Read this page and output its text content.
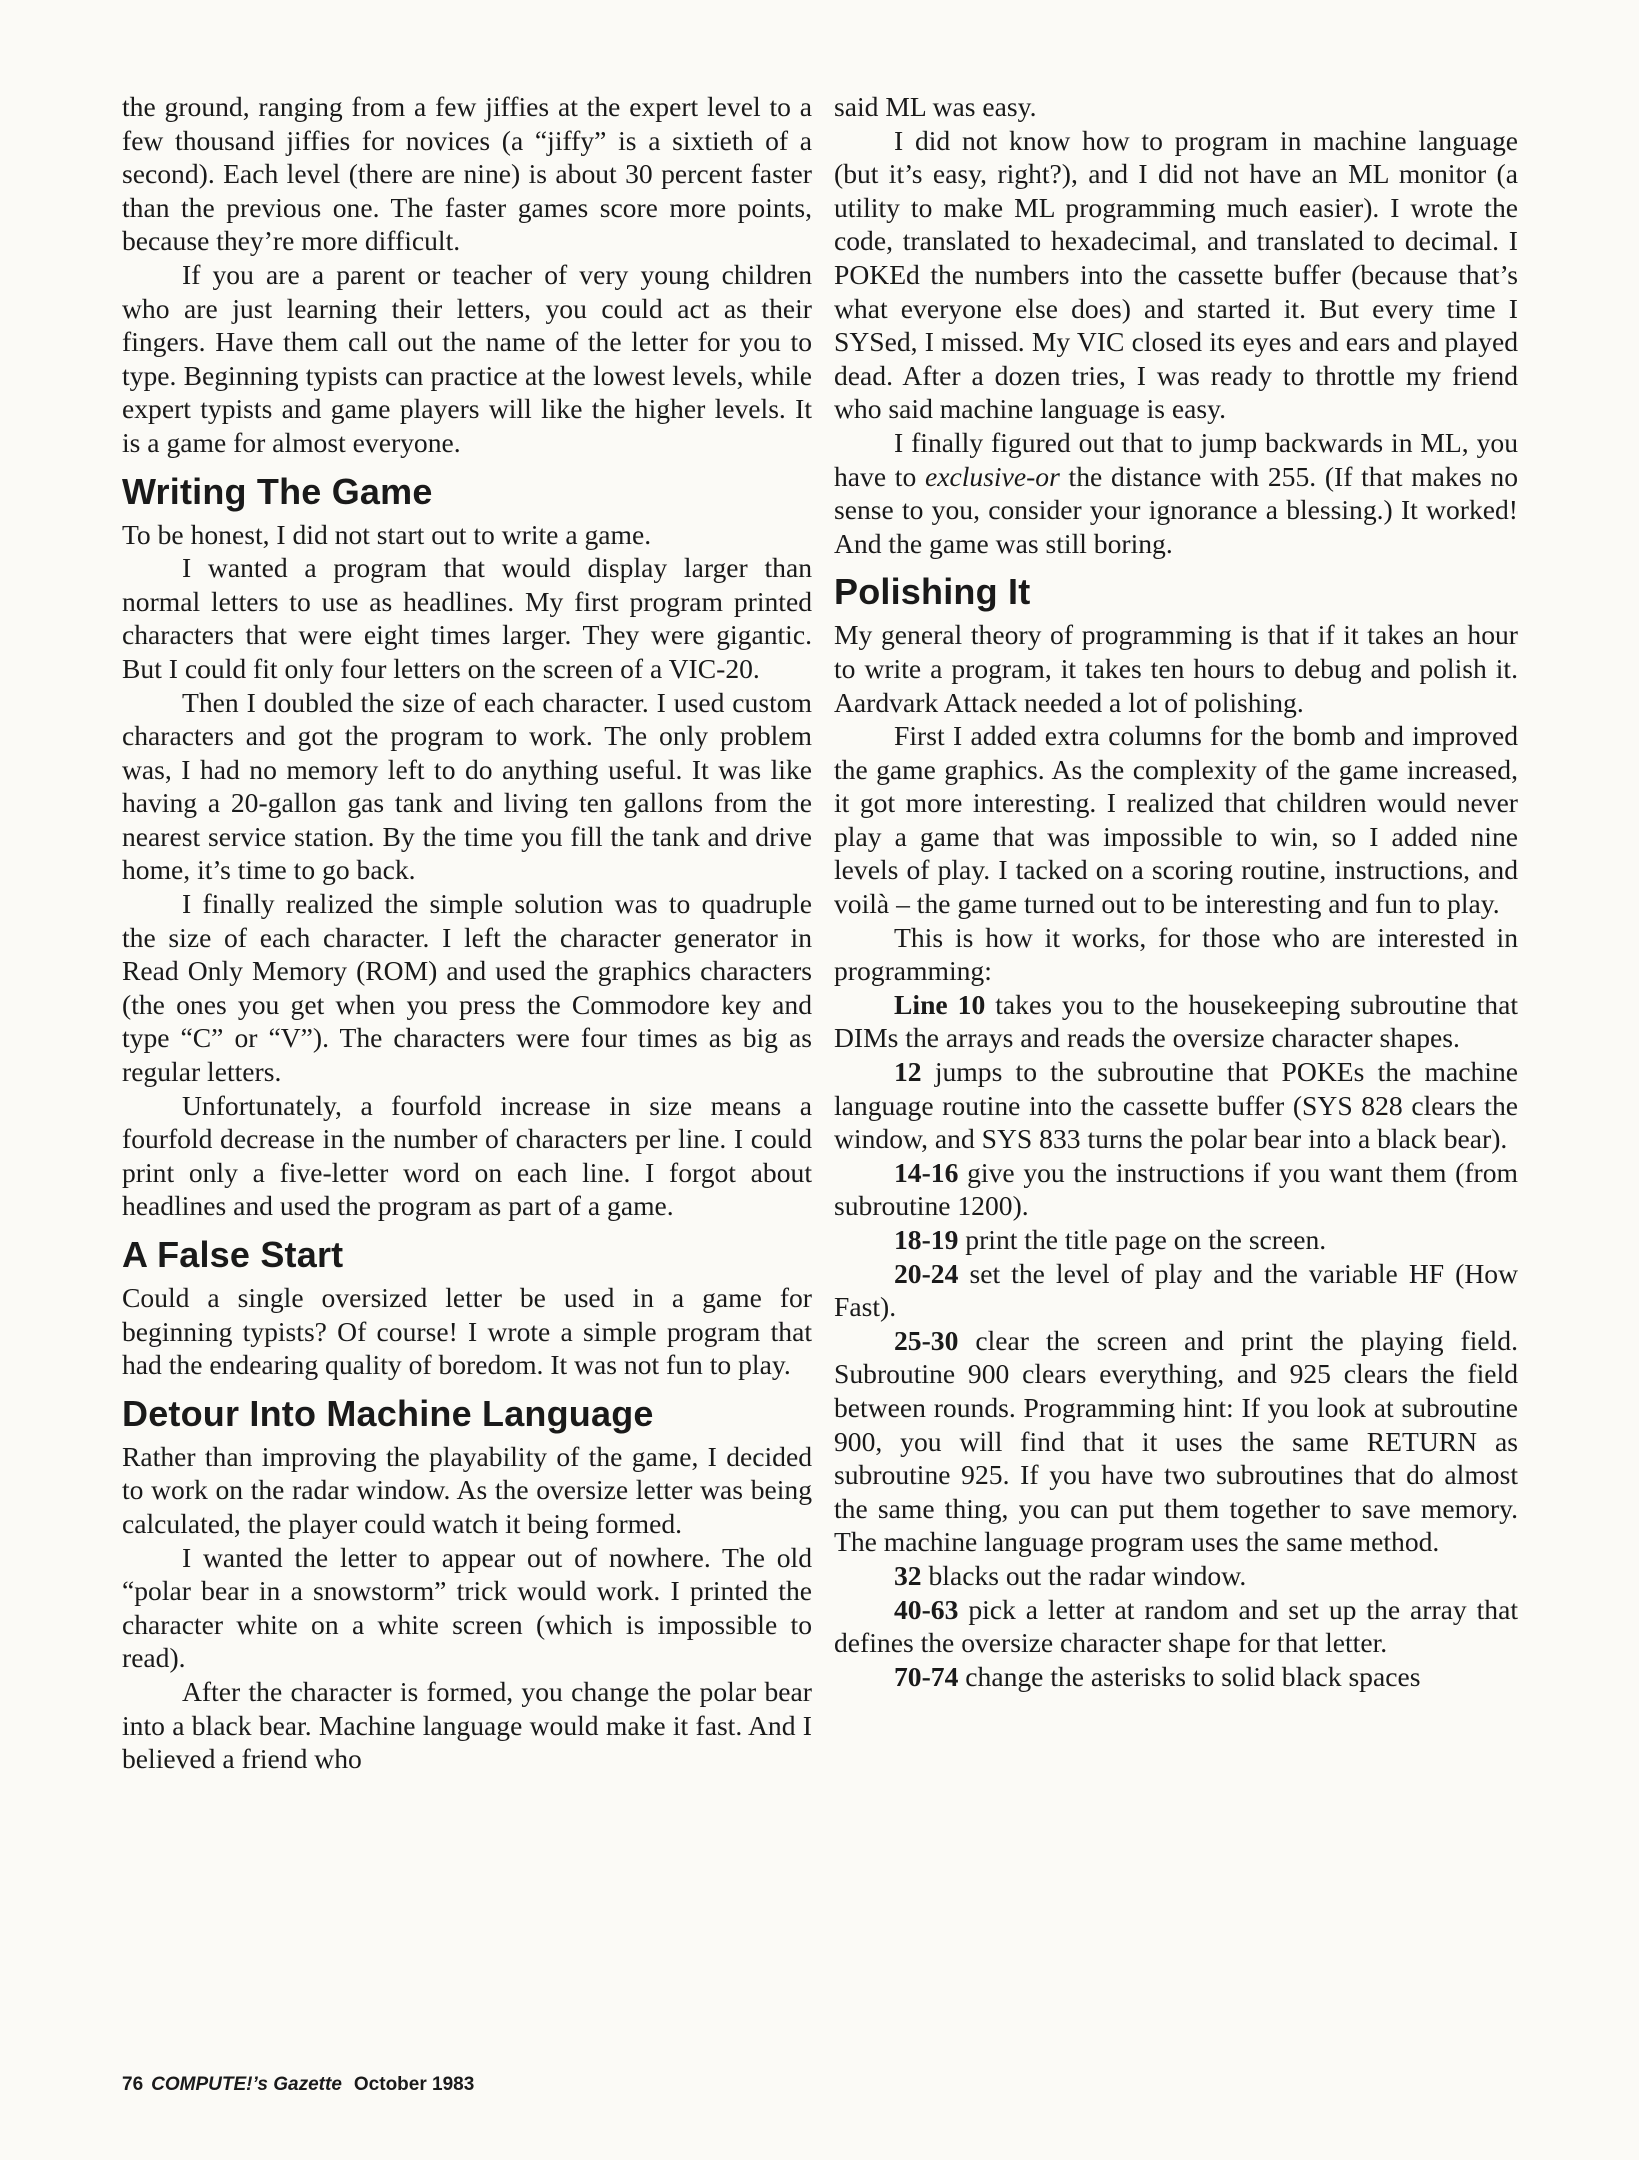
the ground, ranging from a few jiffies at the expert level to a few thousand jiffies for novices (a “jiffy” is a sixtieth of a second). Each level (there are nine) is about 30 percent faster than the previous one. The faster games score more points, because they’re more difficult.

If you are a parent or teacher of very young children who are just learning their letters, you could act as their fingers. Have them call out the name of the letter for you to type. Beginning typists can practice at the lowest levels, while expert typists and game players will like the higher levels. It is a game for almost everyone.

Writing The Game

To be honest, I did not start out to write a game.

I wanted a program that would display larger than normal letters to use as headlines. My first program printed characters that were eight times larger. They were gigantic. But I could fit only four letters on the screen of a VIC-20.

Then I doubled the size of each character. I used custom characters and got the program to work. The only problem was, I had no memory left to do anything useful. It was like having a 20-gallon gas tank and living ten gallons from the nearest service station. By the time you fill the tank and drive home, it’s time to go back.

I finally realized the simple solution was to quadruple the size of each character. I left the character generator in Read Only Memory (ROM) and used the graphics characters (the ones you get when you press the Commodore key and type “C” or “V”). The characters were four times as big as regular letters.

Unfortunately, a fourfold increase in size means a fourfold decrease in the number of characters per line. I could print only a five-letter word on each line. I forgot about headlines and used the program as part of a game.

A False Start

Could a single oversized letter be used in a game for beginning typists? Of course! I wrote a simple program that had the endearing quality of boredom. It was not fun to play.

Detour Into Machine Language

Rather than improving the playability of the game, I decided to work on the radar window. As the oversize letter was being calculated, the player could watch it being formed.

I wanted the letter to appear out of nowhere. The old “polar bear in a snowstorm” trick would work. I printed the character white on a white screen (which is impossible to read).

After the character is formed, you change the polar bear into a black bear. Machine language would make it fast. And I believed a friend who

said ML was easy.

I did not know how to program in machine language (but it’s easy, right?), and I did not have an ML monitor (a utility to make ML programming much easier). I wrote the code, translated to hexadecimal, and translated to decimal. I POKEd the numbers into the cassette buffer (because that’s what everyone else does) and started it. But every time I SYSed, I missed. My VIC closed its eyes and ears and played dead. After a dozen tries, I was ready to throttle my friend who said machine language is easy.

I finally figured out that to jump backwards in ML, you have to exclusive-or the distance with 255. (If that makes no sense to you, consider your ignorance a blessing.) It worked! And the game was still boring.

Polishing It

My general theory of programming is that if it takes an hour to write a program, it takes ten hours to debug and polish it. Aardvark Attack needed a lot of polishing.

First I added extra columns for the bomb and improved the game graphics. As the complexity of the game increased, it got more interesting. I realized that children would never play a game that was impossible to win, so I added nine levels of play. I tacked on a scoring routine, instructions, and voilà – the game turned out to be interesting and fun to play.

This is how it works, for those who are interested in programming:

Line 10 takes you to the housekeeping subroutine that DIMs the arrays and reads the oversize character shapes.

12 jumps to the subroutine that POKEs the machine language routine into the cassette buffer (SYS 828 clears the window, and SYS 833 turns the polar bear into a black bear).

14-16 give you the instructions if you want them (from subroutine 1200).

18-19 print the title page on the screen.

20-24 set the level of play and the variable HF (How Fast).

25-30 clear the screen and print the playing field. Subroutine 900 clears everything, and 925 clears the field between rounds. Programming hint: If you look at subroutine 900, you will find that it uses the same RETURN as subroutine 925. If you have two subroutines that do almost the same thing, you can put them together to save memory. The machine language program uses the same method.

32 blacks out the radar window.

40-63 pick a letter at random and set up the array that defines the oversize character shape for that letter.

70-74 change the asterisks to solid black spaces

76 COMPUTE!’s Gazette October 1983
